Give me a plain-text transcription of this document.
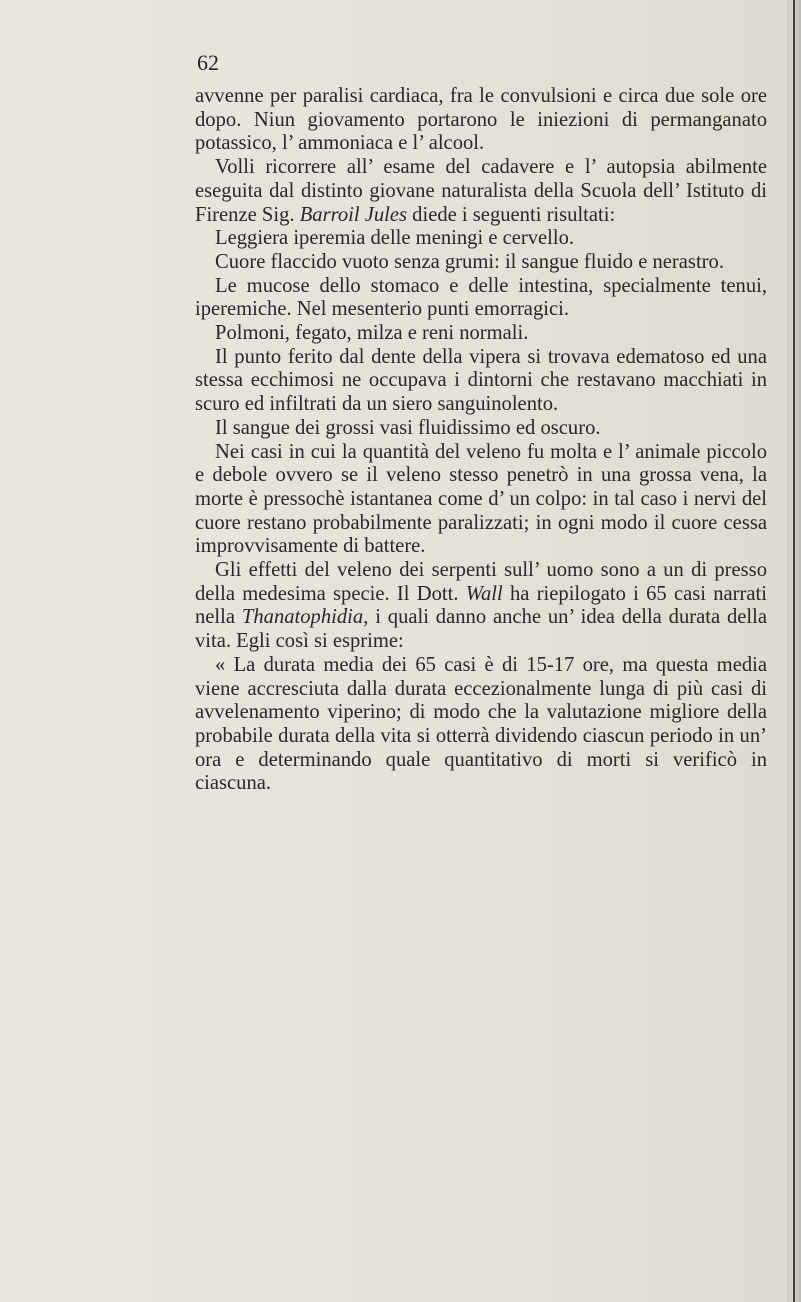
62

avvenne per paralisi cardiaca, fra le convulsioni e circa due sole ore dopo. Niun giovamento portarono le iniezioni di permanganato potassico, l’ ammoniaca e l’ alcool.

Volli ricorrere all’ esame del cadavere e l’ autopsia abilmente eseguita dal distinto giovane naturalista della Scuola dell’ Istituto di Firenze Sig. Barroil Jules diede i seguenti risultati:

Leggiera iperemia delle meningi e cervello.

Cuore flaccido vuoto senza grumi: il sangue fluido e nerastro.

Le mucose dello stomaco e delle intestina, specialmente tenui, iperemiche. Nel mesenterio punti emorragici.

Polmoni, fegato, milza e reni normali.

Il punto ferito dal dente della vipera si trovava edematoso ed una stessa ecchimosi ne occupava i dintorni che restavano macchiati in scuro ed infiltrati da un siero sanguinolento.

Il sangue dei grossi vasi fluidissimo ed oscuro.

Nei casi in cui la quantità del veleno fu molta e l’ animale piccolo e debole ovvero se il veleno stesso penetrò in una grossa vena, la morte è pressochè istantanea come d’ un colpo: in tal caso i nervi del cuore restano probabilmente paralizzati; in ogni modo il cuore cessa improvvisamente di battere.

Gli effetti del veleno dei serpenti sull’ uomo sono a un di presso della medesima specie. Il Dott. Wall ha riepilogato i 65 casi narrati nella Thanatophidia, i quali danno anche un’ idea della durata della vita. Egli così si esprime:

« La durata media dei 65 casi è di 15-17 ore, ma questa media viene accresciuta dalla durata eccezionalmente lunga di più casi di avvelenamento viperino; di modo che la valutazione migliore della probabile durata della vita si otterrà dividendo ciascun periodo in un’ ora e determinando quale quantitativo di morti si verificò in ciascuna.
